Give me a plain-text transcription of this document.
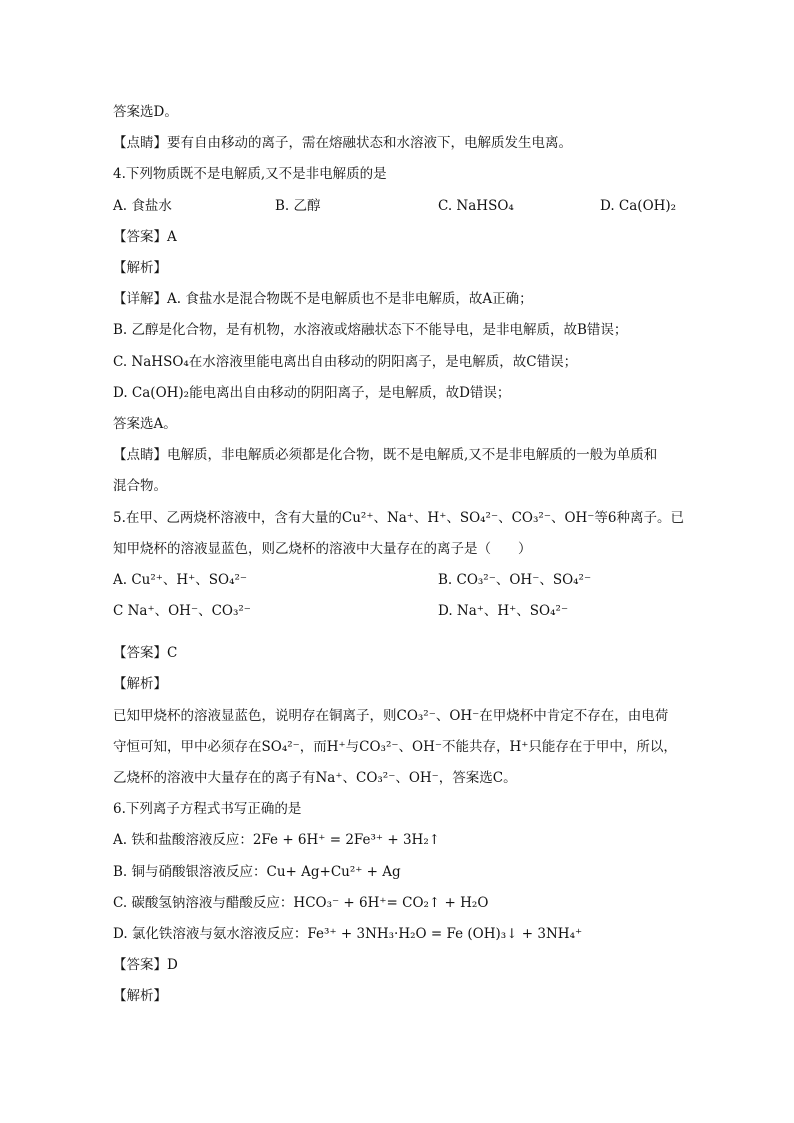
答案选D。
【点睛】要有自由移动的离子，需在熔融状态和水溶液下，电解质发生电离。
4.下列物质既不是电解质,又不是非电解质的是
A. 食盐水	B. 乙醇	C. NaHSO₄	D. Ca(OH)₂
【答案】A
【解析】
【详解】A. 食盐水是混合物既不是电解质也不是非电解质，故A正确；
B. 乙醇是化合物，是有机物，水溶液或熔融状态下不能导电，是非电解质，故B错误；
C. NaHSO₄在水溶液里能电离出自由移动的阴阳离子，是电解质，故C错误；
D. Ca(OH)₂能电离出自由移动的阴阳离子，是电解质，故D错误；
答案选A。
【点睛】电解质，非电解质必须都是化合物，既不是电解质,又不是非电解质的一般为单质和
混合物。
5.在甲、乙两烧杯溶液中，含有大量的Cu²⁺、Na⁺、H⁺、SO₄²⁻、CO₃²⁻、OH⁻等6种离子。已
知甲烧杯的溶液显蓝色，则乙烧杯的溶液中大量存在的离子是（　　）
A. Cu²⁺、H⁺、SO₄²⁻	B. CO₃²⁻、OH⁻、SO₄²⁻
C Na⁺、OH⁻、CO₃²⁻	D. Na⁺、H⁺、SO₄²⁻
【答案】C
【解析】
已知甲烧杯的溶液显蓝色，说明存在铜离子，则CO₃²⁻、OH⁻在甲烧杯中肯定不存在，由电荷
守恒可知，甲中必须存在SO₄²⁻，而H⁺与CO₃²⁻、OH⁻不能共存，H⁺只能存在于甲中，所以，
乙烧杯的溶液中大量存在的离子有Na⁺、CO₃²⁻、OH⁻，答案选C。
6.下列离子方程式书写正确的是
A. 铁和盐酸溶液反应：2Fe + 6H⁺ = 2Fe³⁺ + 3H₂↑
B. 铜与硝酸银溶液反应：Cu+ Ag+Cu²⁺ + Ag
C. 碳酸氢钠溶液与醋酸反应：HCO₃⁻ + 6H⁺= CO₂↑ + H₂O
D. 氯化铁溶液与氨水溶液反应：Fe³⁺ + 3NH₃·H₂O = Fe (OH)₃↓ + 3NH₄⁺
【答案】D
【解析】
